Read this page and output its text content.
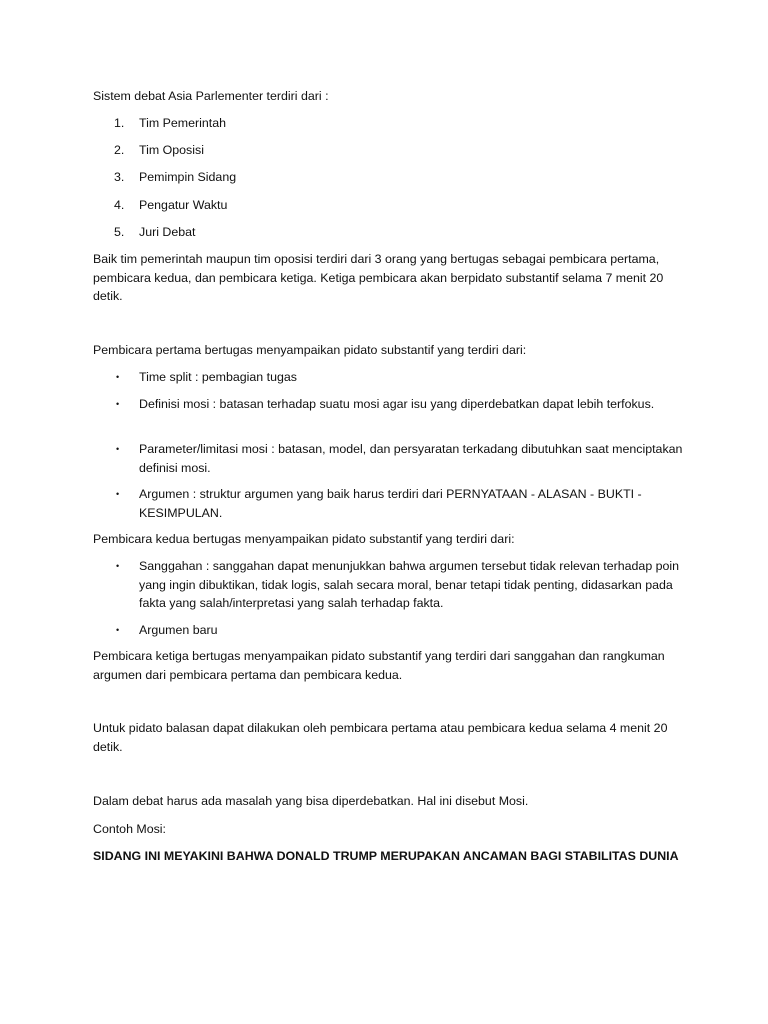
Sistem debat Asia Parlementer terdiri dari :

1.	Tim Pemerintah
2.	Tim Oposisi
3.	Pemimpin Sidang
4.	Pengatur Waktu
5.	Juri Debat

Baik tim pemerintah maupun tim oposisi terdiri dari 3 orang yang bertugas sebagai pembicara pertama, pembicara kedua, dan pembicara ketiga. Ketiga pembicara akan berpidato substantif selama 7 menit 20 detik.

Pembicara pertama bertugas menyampaikan pidato substantif yang terdiri dari:

•	Time split : pembagian tugas
•	Definisi mosi : batasan terhadap suatu mosi agar isu yang diperdebatkan dapat lebih terfokus.
•	Parameter/limitasi mosi : batasan, model, dan persyaratan terkadang dibutuhkan saat menciptakan definisi mosi.
•	Argumen : struktur argumen yang baik harus terdiri dari PERNYATAAN - ALASAN - BUKTI - KESIMPULAN.

Pembicara kedua bertugas menyampaikan pidato substantif yang terdiri dari:

•	Sanggahan : sanggahan dapat menunjukkan bahwa argumen tersebut tidak relevan terhadap poin yang ingin dibuktikan, tidak logis, salah secara moral, benar tetapi tidak penting, didasarkan pada fakta yang salah/interpretasi yang salah terhadap fakta.
•	Argumen baru

Pembicara ketiga bertugas menyampaikan pidato substantif yang terdiri dari sanggahan dan rangkuman argumen dari pembicara pertama dan pembicara kedua.

Untuk pidato balasan dapat dilakukan oleh pembicara pertama atau pembicara kedua selama 4 menit 20 detik.

Dalam debat harus ada masalah yang bisa diperdebatkan. Hal ini disebut Mosi.

Contoh Mosi:

SIDANG INI MEYAKINI BAHWA DONALD TRUMP MERUPAKAN ANCAMAN BAGI STABILITAS DUNIA
